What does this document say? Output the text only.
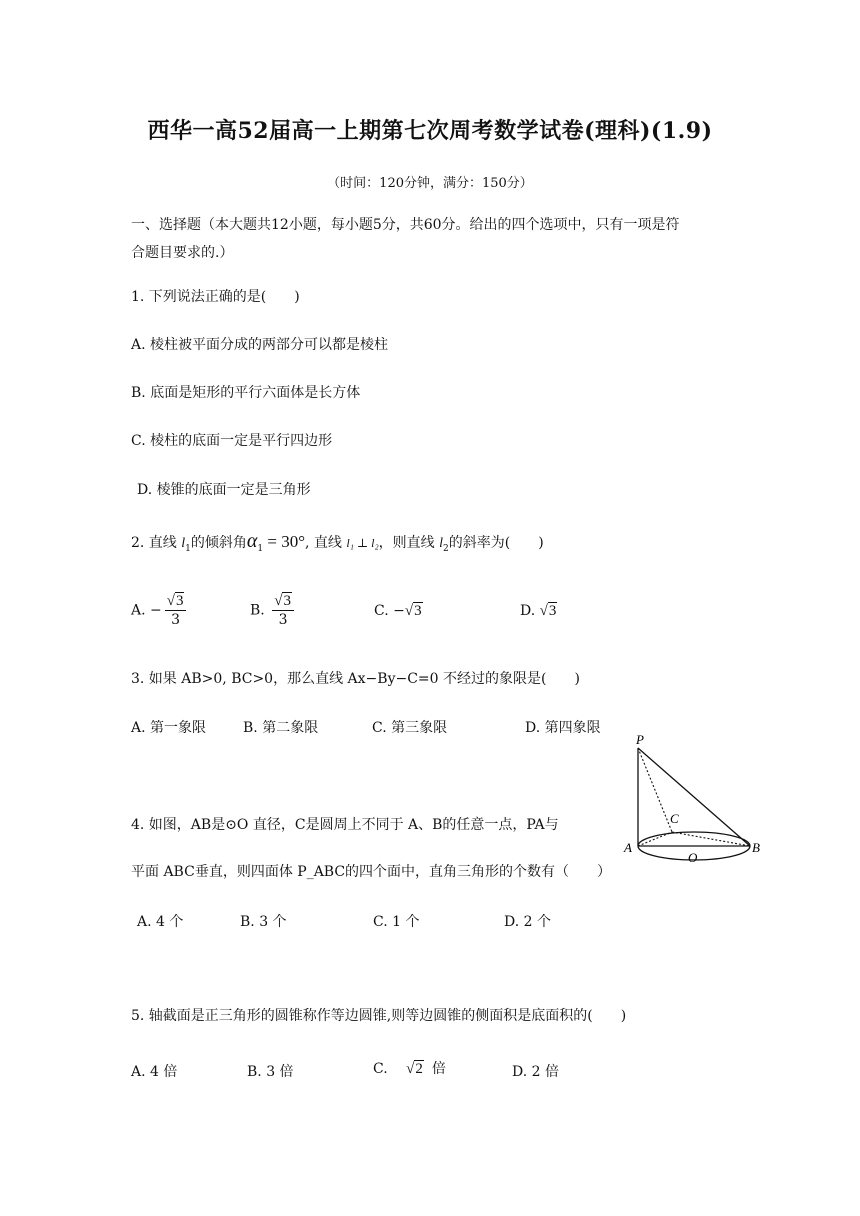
西华一高52届高一上期第七次周考数学试卷(理科)(1.9)
（时间：120分钟，满分：150分）
一、选择题（本大题共12小题，每小题5分，共60分。给出的四个选项中，只有一项是符
合题目要求的.）
1. 下列说法正确的是(　　)
A. 棱柱被平面分成的两部分可以都是棱柱
B. 底面是矩形的平行六面体是长方体
C. 棱柱的底面一定是平行四边形
D. 棱锥的底面一定是三角形
2. 直线 $l_1$的倾斜角$\alpha_1 = 30^\circ$, 直线 l₁ ⊥ l₂，则直线 $l_2$的斜率为(　　)
A. − $\frac{√3}{3}$	B. $\frac{√3}{3}$	C. −√3	D. √3
3. 如果 AB>0, BC>0，那么直线 Ax−By−C=0 不经过的象限是(　　)
A. 第一象限	B. 第二象限	C. 第三象限	D. 第四象限
4. 如图，AB是⊙O 直径，C是圆周上不同于 A、B的任意一点，PA与
平面 ABC垂直，则四面体 P_ABC的四个面中，直角三角形的个数有（　　）
A. 4 个	B. 3 个	C. 1 个	D. 2 个
P
A	B
C
O
5. 轴截面是正三角形的圆锥称作等边圆锥,则等边圆锥的侧面积是底面积的(　　)
A. 4 倍	B. 3 倍	C. √2 倍	D. 2 倍
